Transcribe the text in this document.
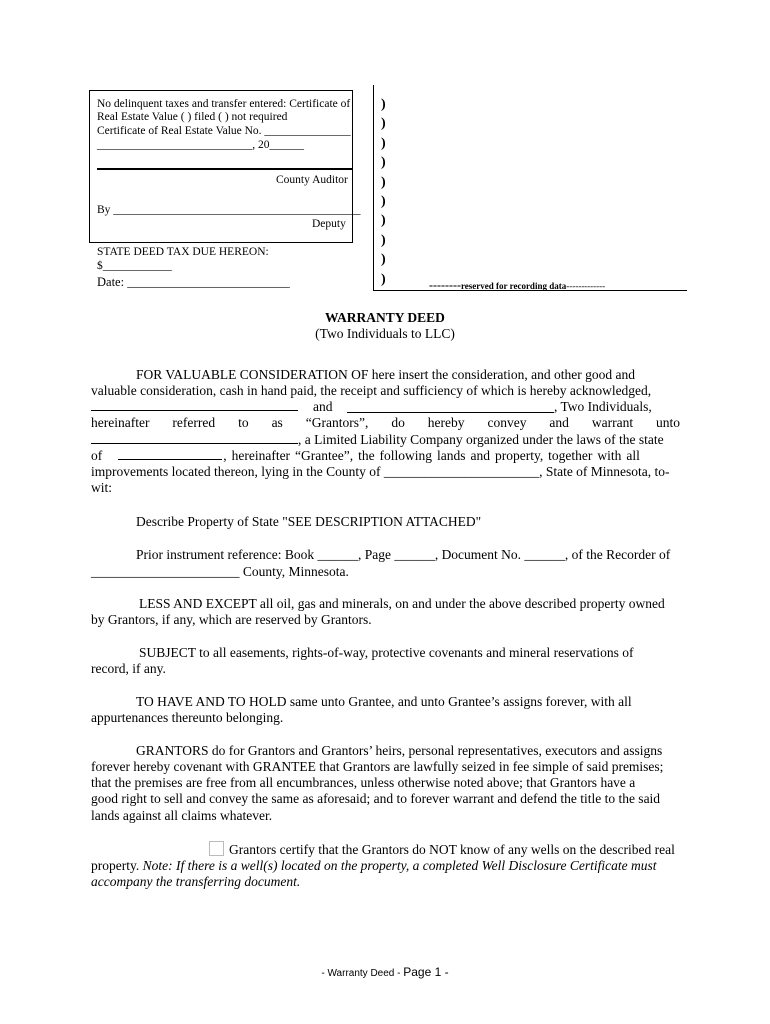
No delinquent taxes and transfer entered: Certificate of
Real Estate Value ( ) filed ( ) not required
Certificate of Real Estate Value No. _______________
___________________________, 20______
County Auditor
By ___________________________________________
Deputy
STATE DEED TAX DUE HEREON:
$____________
Date: __________________________
)
)
)
)
)
)
)
)
)
)	--------reserved for recording data-------------
WARRANTY DEED
(Two Individuals to LLC)
FOR VALUABLE CONSIDERATION OF here insert the consideration, and other good and
valuable consideration, cash in hand paid, the receipt and sufficiency of which is hereby acknowledged,
and	, Two Individuals,
hereinafter referred to as “Grantors”, do hereby convey and warrant unto
, a Limited Liability Company organized under the laws of the state
of	, hereinafter “Grantee”, the following lands and property, together with all
improvements located thereon, lying in the County of _______________________, State of Minnesota, to-
wit:
Describe Property of State "SEE DESCRIPTION ATTACHED"
Prior instrument reference: Book ______, Page ______, Document No. ______, of the Recorder of
______________________ County, Minnesota.
LESS AND EXCEPT all oil, gas and minerals, on and under the above described property owned
by Grantors, if any, which are reserved by Grantors.
SUBJECT to all easements, rights-of-way, protective covenants and mineral reservations of
record, if any.
TO HAVE AND TO HOLD same unto Grantee, and unto Grantee’s assigns forever, with all
appurtenances thereunto belonging.
GRANTORS do for Grantors and Grantors’ heirs, personal representatives, executors and assigns
forever hereby covenant with GRANTEE that Grantors are lawfully seized in fee simple of said premises;
that the premises are free from all encumbrances, unless otherwise noted above; that Grantors have a
good right to sell and convey the same as aforesaid; and to forever warrant and defend the title to the said
lands against all claims whatever.
Grantors certify that the Grantors do NOT know of any wells on the described real
property. Note: If there is a well(s) located on the property, a completed Well Disclosure Certificate must
accompany the transferring document.
- Warranty Deed - Page 1 -
